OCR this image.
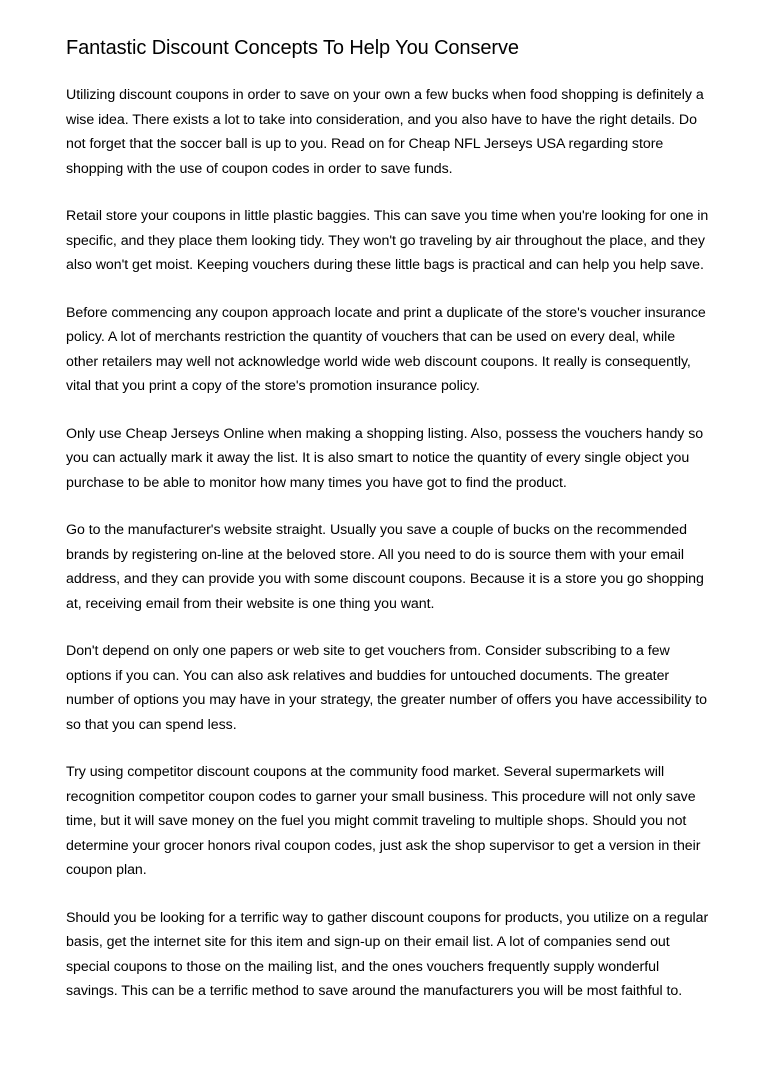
Fantastic Discount Concepts To Help You Conserve

Utilizing discount coupons in order to save on your own a few bucks when food shopping is definitely a wise idea. There exists a lot to take into consideration, and you also have to have the right details. Do not forget that the soccer ball is up to you. Read on for Cheap NFL Jerseys USA regarding store shopping with the use of coupon codes in order to save funds.

Retail store your coupons in little plastic baggies. This can save you time when you're looking for one in specific, and they place them looking tidy. They won't go traveling by air throughout the place, and they also won't get moist. Keeping vouchers during these little bags is practical and can help you help save.

Before commencing any coupon approach locate and print a duplicate of the store's voucher insurance policy. A lot of merchants restriction the quantity of vouchers that can be used on every deal, while other retailers may well not acknowledge world wide web discount coupons. It really is consequently, vital that you print a copy of the store's promotion insurance policy.

Only use Cheap Jerseys Online when making a shopping listing. Also, possess the vouchers handy so you can actually mark it away the list. It is also smart to notice the quantity of every single object you purchase to be able to monitor how many times you have got to find the product.

Go to the manufacturer's website straight. Usually you save a couple of bucks on the recommended brands by registering on-line at the beloved store. All you need to do is source them with your email address, and they can provide you with some discount coupons. Because it is a store you go shopping at, receiving email from their website is one thing you want.

Don't depend on only one papers or web site to get vouchers from. Consider subscribing to a few options if you can. You can also ask relatives and buddies for untouched documents. The greater number of options you may have in your strategy, the greater number of offers you have accessibility to so that you can spend less.

Try using competitor discount coupons at the community food market. Several supermarkets will recognition competitor coupon codes to garner your small business. This procedure will not only save time, but it will save money on the fuel you might commit traveling to multiple shops. Should you not determine your grocer honors rival coupon codes, just ask the shop supervisor to get a version in their coupon plan.

Should you be looking for a terrific way to gather discount coupons for products, you utilize on a regular basis, get the internet site for this item and sign-up on their email list. A lot of companies send out special coupons to those on the mailing list, and the ones vouchers frequently supply wonderful savings. This can be a terrific method to save around the manufacturers you will be most faithful to.
